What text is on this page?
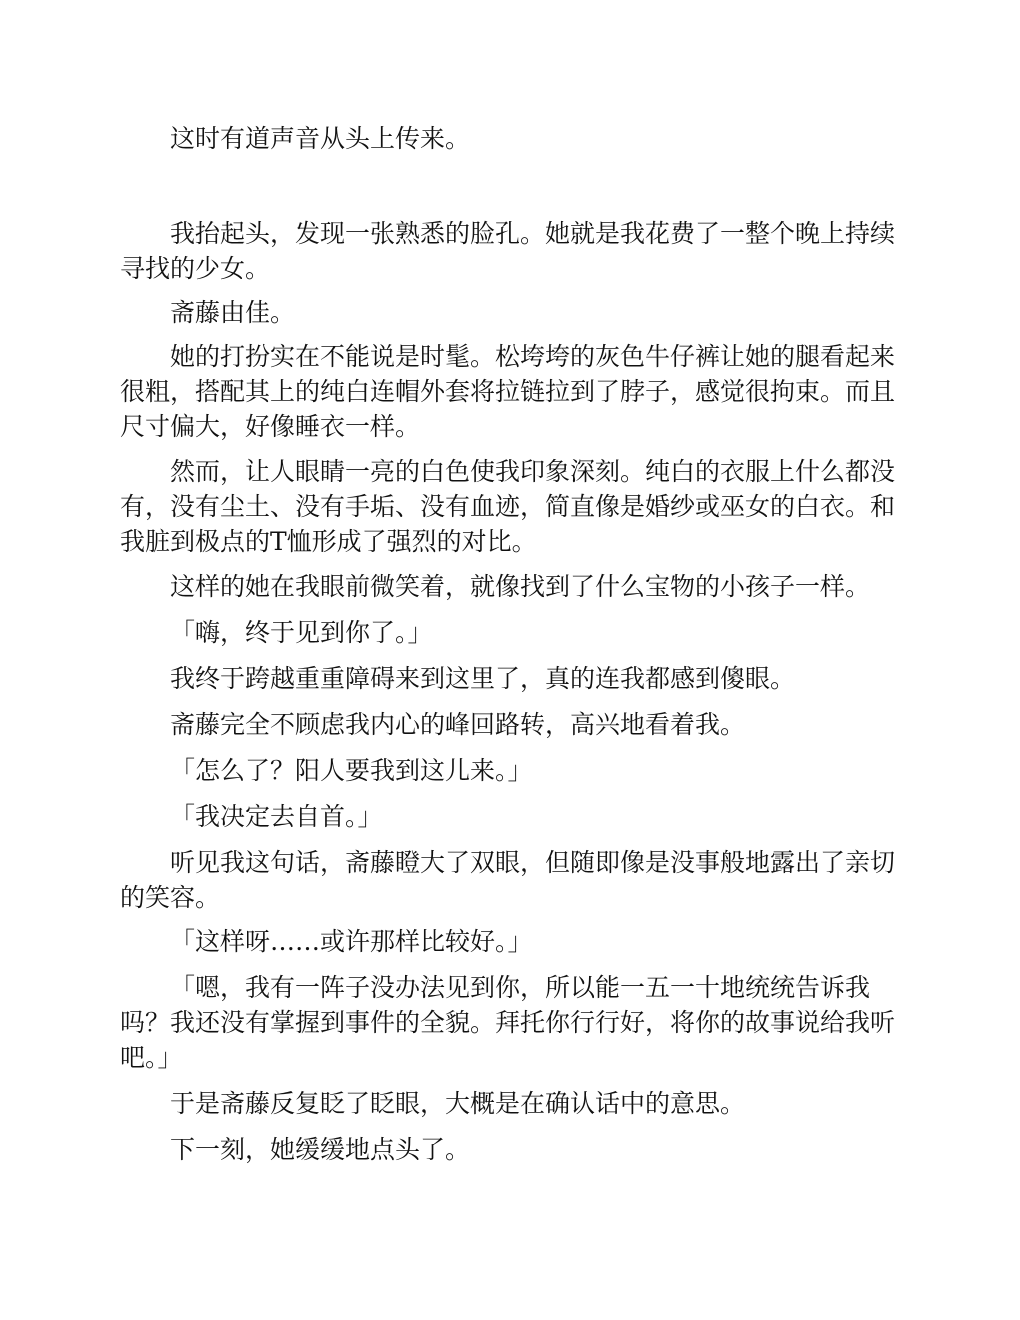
这时有道声音从头上传来。

我抬起头，发现一张熟悉的脸孔。她就是我花费了一整个晚上持续寻找的少女。

斋藤由佳。

她的打扮实在不能说是时髦。松垮垮的灰色牛仔裤让她的腿看起来很粗，搭配其上的纯白连帽外套将拉链拉到了脖子，感觉很拘束。而且尺寸偏大，好像睡衣一样。

然而，让人眼睛一亮的白色使我印象深刻。纯白的衣服上什么都没有，没有尘土、没有手垢、没有血迹，简直像是婚纱或巫女的白衣。和我脏到极点的T恤形成了强烈的对比。

这样的她在我眼前微笑着，就像找到了什么宝物的小孩子一样。

「嗨，终于见到你了。」

我终于跨越重重障碍来到这里了，真的连我都感到傻眼。

斋藤完全不顾虑我内心的峰回路转，高兴地看着我。

「怎么了？阳人要我到这儿来。」

「我决定去自首。」

听见我这句话，斋藤瞪大了双眼，但随即像是没事般地露出了亲切的笑容。

「这样呀……或许那样比较好。」

「嗯，我有一阵子没办法见到你，所以能一五一十地统统告诉我吗？我还没有掌握到事件的全貌。拜托你行行好，将你的故事说给我听吧。」

于是斋藤反复眨了眨眼，大概是在确认话中的意思。

下一刻，她缓缓地点头了。
